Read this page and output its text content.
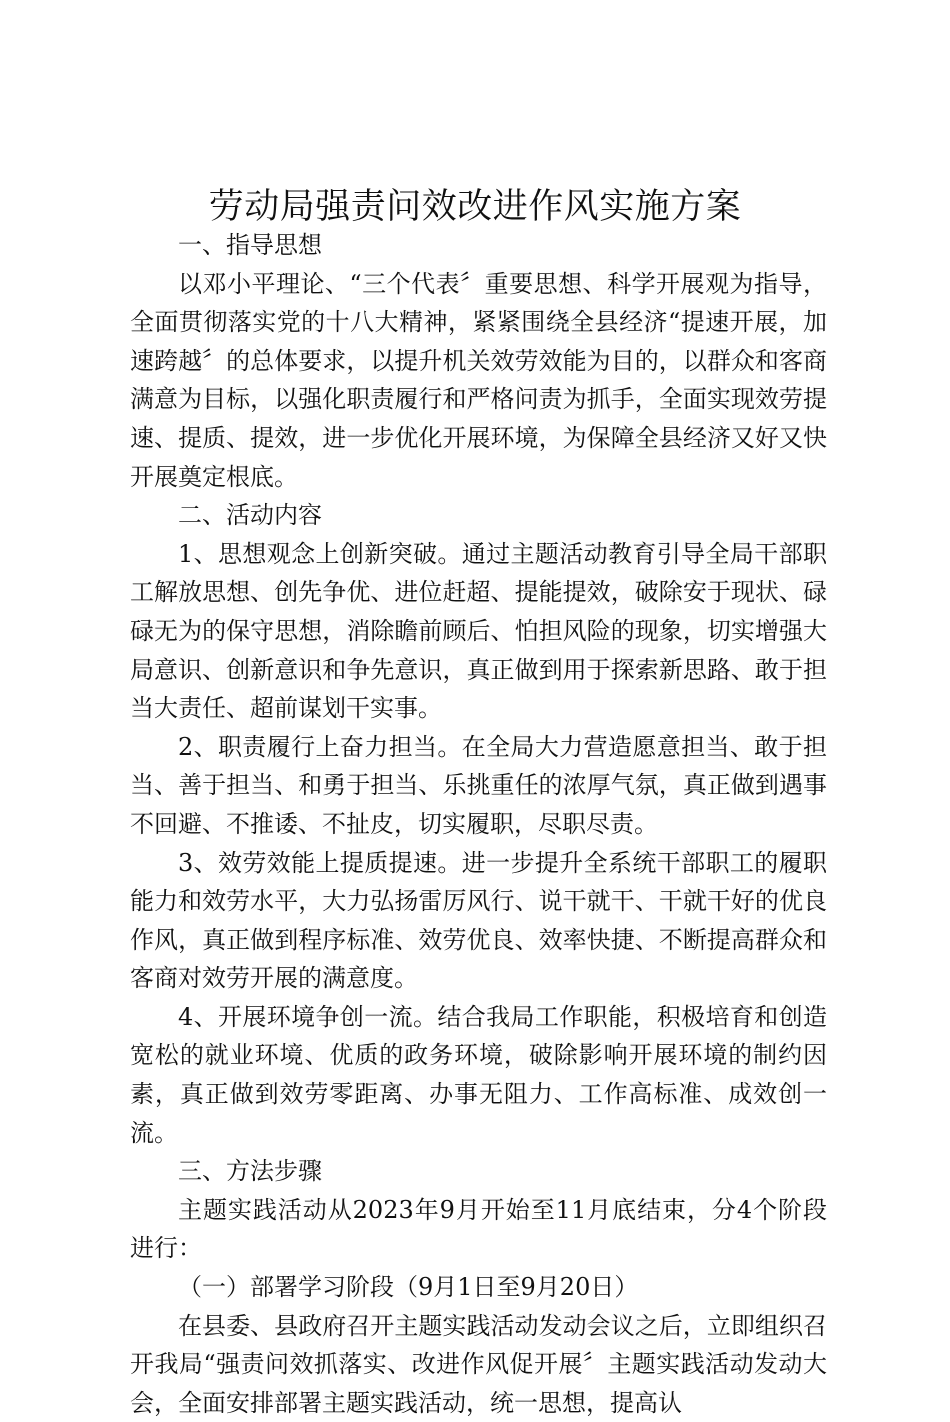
劳动局强责问效改进作风实施方案

一、指导思想

以邓小平理论、“三个代表〞重要思想、科学开展观为指导，全面贯彻落实党的十八大精神，紧紧围绕全县经济“提速开展，加速跨越〞的总体要求，以提升机关效劳效能为目的，以群众和客商满意为目标，以强化职责履行和严格问责为抓手，全面实现效劳提速、提质、提效，进一步优化开展环境，为保障全县经济又好又快开展奠定根底。

二、活动内容

1、思想观念上创新突破。通过主题活动教育引导全局干部职工解放思想、创先争优、进位赶超、提能提效，破除安于现状、碌碌无为的保守思想，消除瞻前顾后、怕担风险的现象，切实增强大局意识、创新意识和争先意识，真正做到用于探索新思路、敢于担当大责任、超前谋划干实事。

2、职责履行上奋力担当。在全局大力营造愿意担当、敢于担当、善于担当、和勇于担当、乐挑重任的浓厚气氛，真正做到遇事不回避、不推诿、不扯皮，切实履职，尽职尽责。

3、效劳效能上提质提速。进一步提升全系统干部职工的履职能力和效劳水平，大力弘扬雷厉风行、说干就干、干就干好的优良作风，真正做到程序标准、效劳优良、效率快捷、不断提高群众和客商对效劳开展的满意度。

4、开展环境争创一流。结合我局工作职能，积极培育和创造宽松的就业环境、优质的政务环境，破除影响开展环境的制约因素，真正做到效劳零距离、办事无阻力、工作高标准、成效创一流。

三、方法步骤

主题实践活动从2023年9月开始至11月底结束，分4个阶段进行：

（一）部署学习阶段（9月1日至9月20日）

在县委、县政府召开主题实践活动发动会议之后，立即组织召开我局“强责问效抓落实、改进作风促开展〞主题实践活动发动大会，全面安排部署主题实践活动，统一思想，提高认
